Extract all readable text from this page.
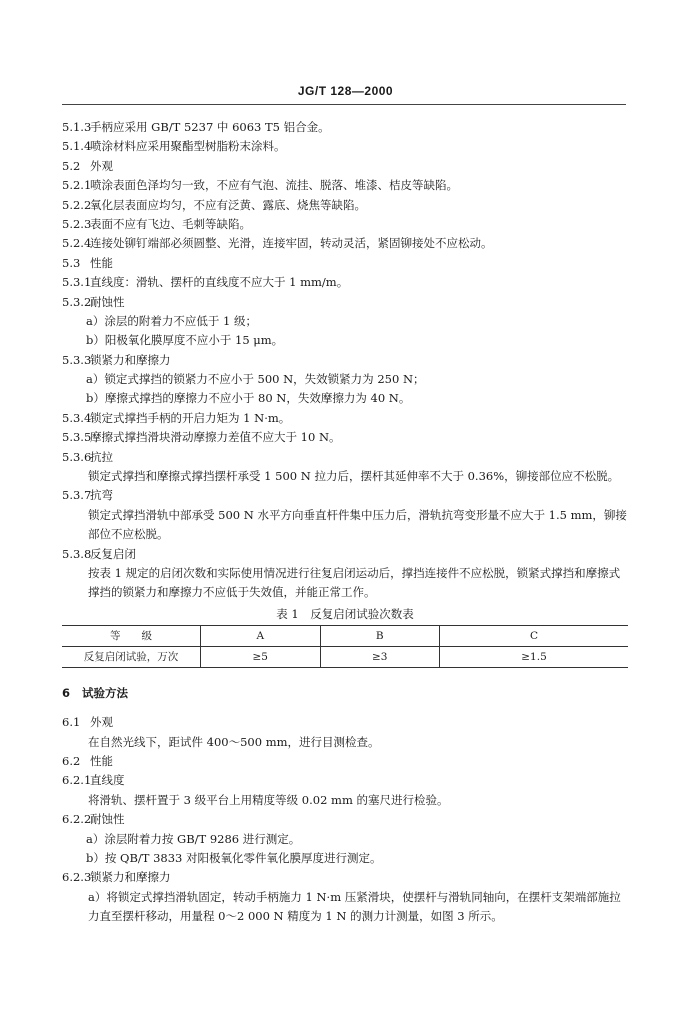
JG/T 128—2000
5.1.3手柄应采用 GB/T 5237 中 6063 T5 铝合金。
5.1.4喷涂材料应采用聚酯型树脂粉末涂料。
5.2 外观
5.2.1喷涂表面色泽均匀一致，不应有气泡、流挂、脱落、堆漆、桔皮等缺陷。
5.2.2氧化层表面应均匀，不应有泛黄、露底、烧焦等缺陷。
5.2.3表面不应有飞边、毛刺等缺陷。
5.2.4连接处铆钉端部必须圆整、光滑，连接牢固，转动灵活，紧固铆接处不应松动。
5.3 性能
5.3.1直线度：滑轨、摆杆的直线度不应大于 1 mm/m。
5.3.2耐蚀性
a）涂层的附着力不应低于 1 级；
b）阳极氧化膜厚度不应小于 15 μm。
5.3.3锁紧力和摩擦力
a）锁定式撑挡的锁紧力不应小于 500 N，失效锁紧力为 250 N；
b）摩擦式撑挡的摩擦力不应小于 80 N，失效摩擦力为 40 N。
5.3.4锁定式撑挡手柄的开启力矩为 1 N·m。
5.3.5摩擦式撑挡滑块滑动摩擦力差值不应大于 10 N。
5.3.6抗拉
锁定式撑挡和摩擦式撑挡摆杆承受 1 500 N 拉力后，摆杆其延伸率不大于 0.36%，铆接部位应不松脱。
5.3.7抗弯
锁定式撑挡滑轨中部承受 500 N 水平方向垂直杆件集中压力后，滑轨抗弯变形量不应大于 1.5 mm，铆接部位不应松脱。
5.3.8反复启闭
按表 1 规定的启闭次数和实际使用情况进行往复启闭运动后，撑挡连接件不应松脱，锁紧式撑挡和摩擦式撑挡的锁紧力和摩擦力不应低于失效值，并能正常工作。
表 1　反复启闭试验次数表
等　　级	A	B	C
反复启闭试验，万次	≥5	≥3	≥1.5
6 试验方法
6.1 外观
在自然光线下，距试件 400～500 mm，进行目测检查。
6.2 性能
6.2.1直线度
将滑轨、摆杆置于 3 级平台上用精度等级 0.02 mm 的塞尺进行检验。
6.2.2耐蚀性
a）涂层附着力按 GB/T 9286 进行测定。
b）按 QB/T 3833 对阳极氧化零件氧化膜厚度进行测定。
6.2.3锁紧力和摩擦力
a）将锁定式撑挡滑轨固定，转动手柄施力 1 N·m 压紧滑块，使摆杆与滑轨同轴向，在摆杆支架端部施拉力直至摆杆移动，用量程 0～2 000 N 精度为 1 N 的测力计测量，如图 3 所示。
